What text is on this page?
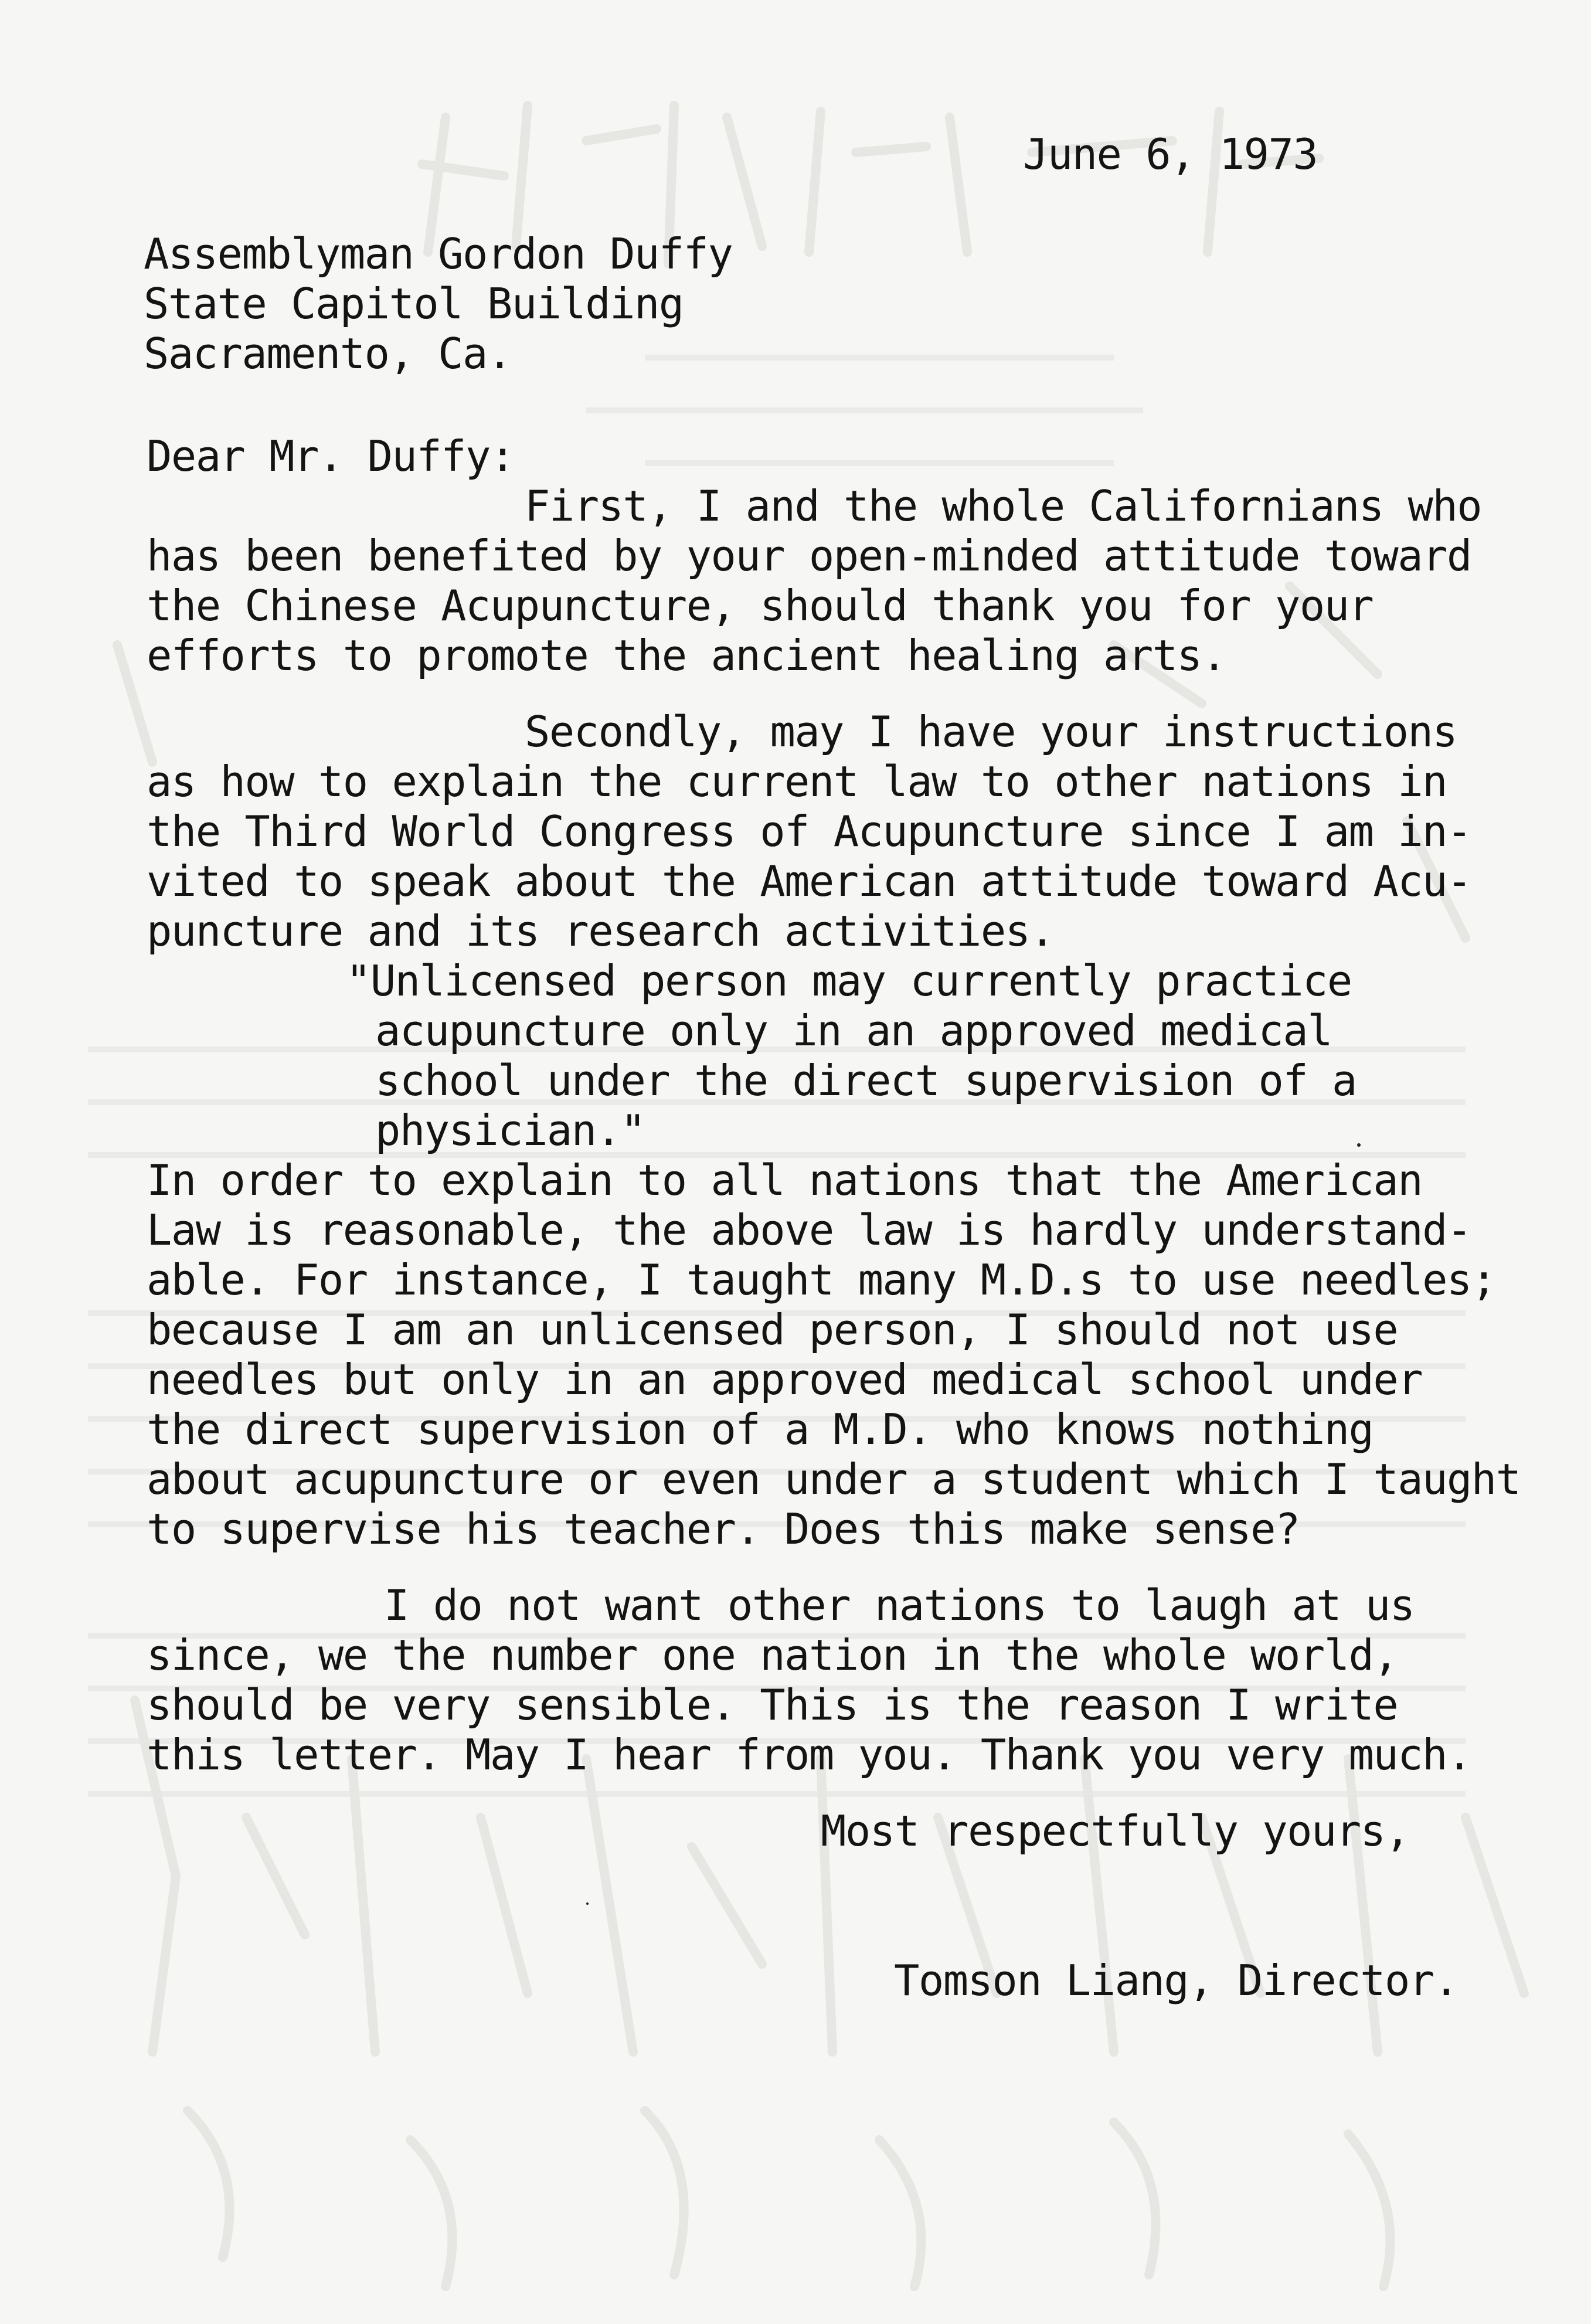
June 6, 1973
Assemblyman Gordon Duffy
State Capitol Building
Sacramento, Ca.
Dear Mr. Duffy:
First, I and the whole Californians who
has been benefited by your open-minded attitude toward
the Chinese Acupuncture, should thank you for your
efforts to promote the ancient healing arts.
Secondly, may I have your instructions
as how to explain the current law to other nations in
the Third World Congress of Acupuncture since I am in-
vited to speak about the American attitude toward Acu-
puncture and its research activities.
"Unlicensed person may currently practice
acupuncture only in an approved medical
school under the direct supervision of a
physician."
In order to explain to all nations that the American
Law is reasonable, the above law is hardly understand-
able. For instance, I taught many M.D.s to use needles;
because I am an unlicensed person, I should not use
needles but only in an approved medical school under
the direct supervision of a M.D. who knows nothing
about acupuncture or even under a student which I taught
to supervise his teacher. Does this make sense?
I do not want other nations to laugh at us
since, we the number one nation in the whole world,
should be very sensible. This is the reason I write
this letter. May I hear from you. Thank you very much.
Most respectfully yours,
Tomson Liang, Director.
